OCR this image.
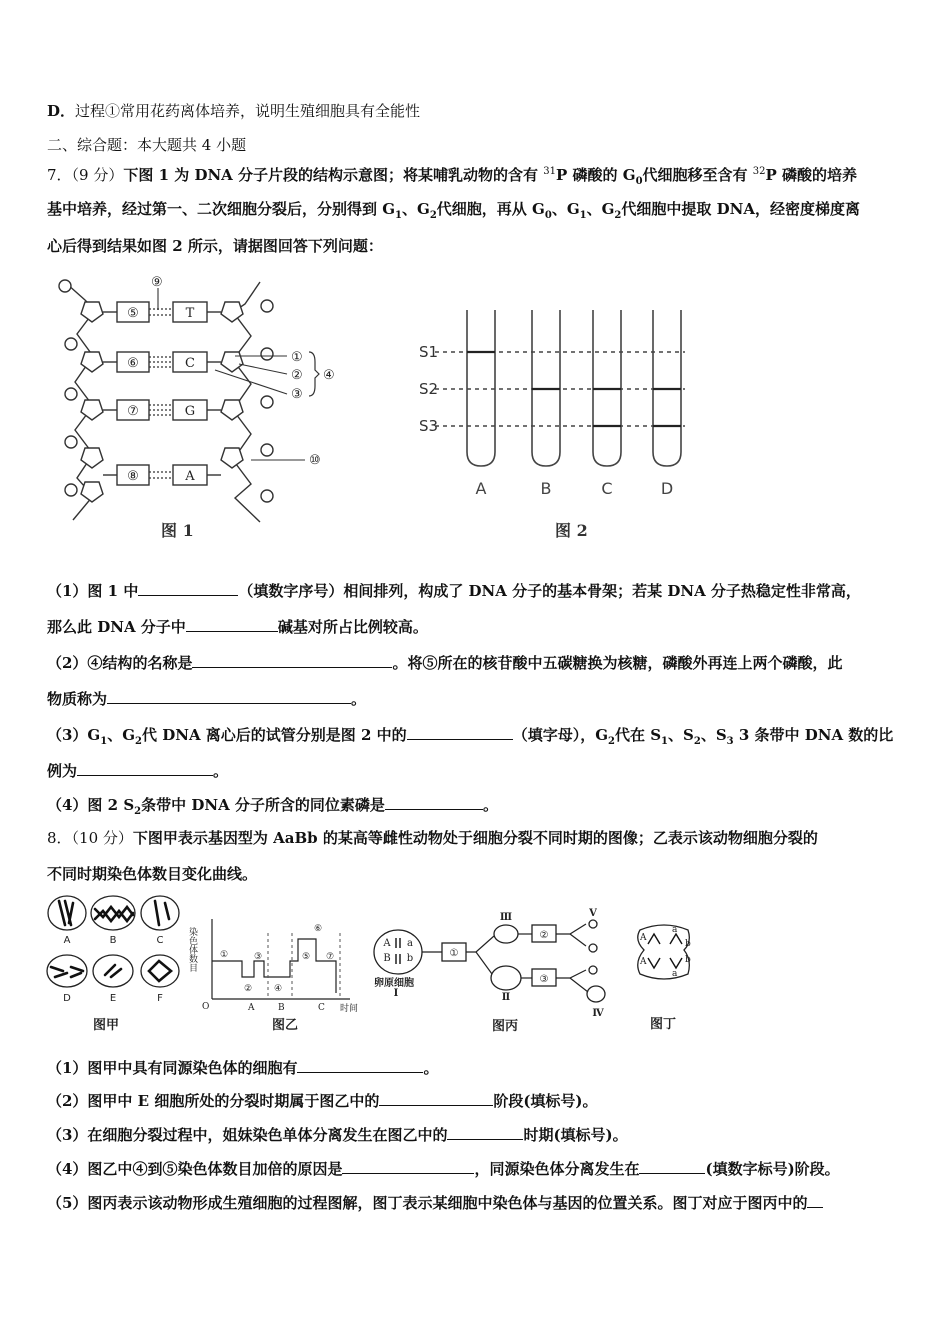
D．过程①常用花药离体培养，说明生殖细胞具有全能性
二、综合题：本大题共 4 小题
7．（9 分）下图 1 为 DNA 分子片段的结构示意图；将某哺乳动物的含有 $^{31}$P 磷酸的 $G_0$代细胞移至含有 $^{32}$P 磷酸的培养
基中培养，经过第一、二次细胞分裂后，分别得到 $G_1$、$G_2$代细胞，再从 $G_0$、$G_1$、$G_2$代细胞中提取 DNA，经密度梯度离
心后得到结果如图 2 所示，请据图回答下列问题：
⑤
⑥
⑦
⑧
T
C
G
A
⑨
①
②
③
④
⑩
图 1
S1
S2
S3
A	B	C	D
图 2
（1）图 1 中	（填数字序号）相间排列，构成了 DNA 分子的基本骨架；若某 DNA 分子热稳定性非常高，
那么此 DNA 分子中	碱基对所占比例较高。
（2）④结构的名称是	。将⑤所在的核苷酸中五碳糖换为核糖，磷酸外再连上两个磷酸，此
物质称为	。
$(3)G_1$、$G_2$代 DNA 离心后的试管分别是图 2 中的	（填字母），$G_2$代在 $S_1$、$S_2$、$S_3$ 3 条带中 DNA 数的比
例为	。
（4）图 2 $S_2$条带中 DNA 分子所含的同位素磷是	。
8．（10 分）下图甲表示基因型为 AaBb 的某高等雌性动物处于细胞分裂不同时期的图像；乙表示该动物细胞分裂的
不同时期染色体数目变化曲线。
A	B	C
D	E	F
图甲
染色体数目
O	时间
A	B	C
①
②
③
④
⑤
⑥
⑦
图乙
①
②
③
A a
B b
Ⅲ
Ⅱ
Ⅴ
Ⅳ
Ⅰ
卵原细胞
图丙
A
a
b
A
a
b
图丁
（1）图甲中具有同源染色体的细胞有	。
（2）图甲中 E 细胞所处的分裂时期属于图乙中的	阶段(填标号)。
（3）在细胞分裂过程中，姐妹染色单体分离发生在图乙中的	时期(填标号)。
（4）图乙中④到⑤染色体数目加倍的原因是	，同源染色体分离发生在	(填数字标号)阶段。
（5）图丙表示该动物形成生殖细胞的过程图解，图丁表示某细胞中染色体与基因的位置关系。图丁对应于图丙中的
